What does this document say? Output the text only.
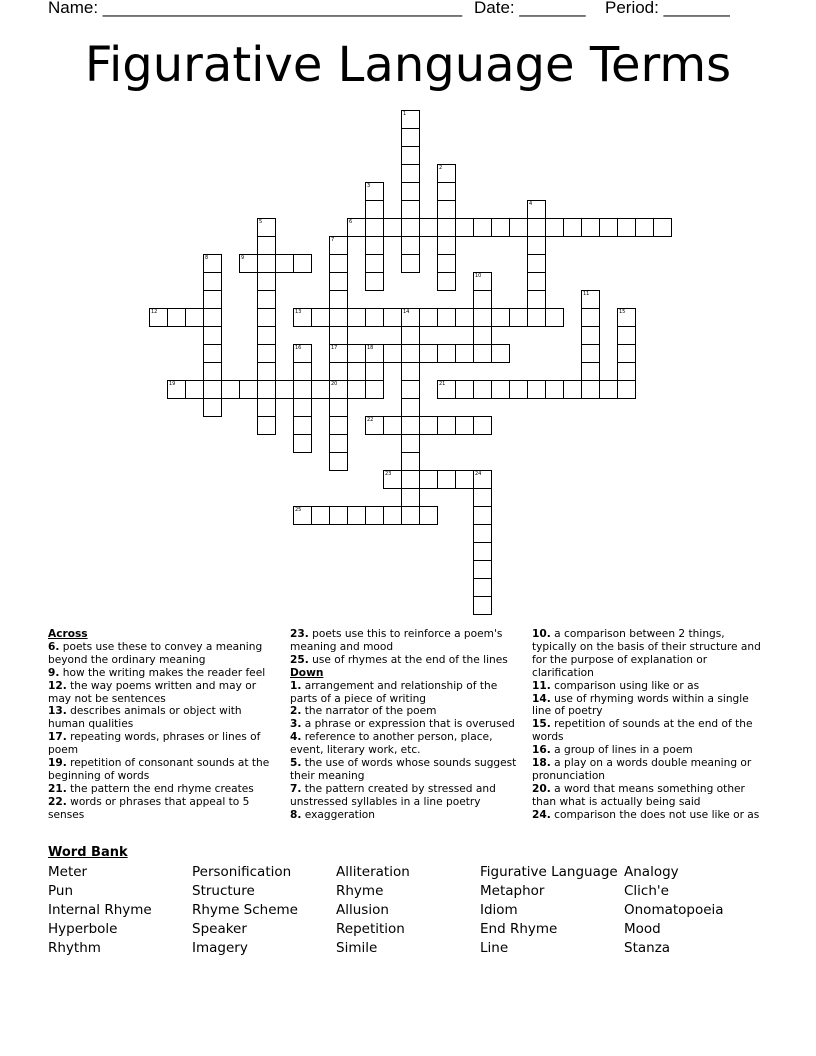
Name: ______________________________________ Date: _______ Period: _______
Figurative Language Terms
1
2
3
4
5	6
7
17
20
8	9
10
11
12	13	14	15
16	18
19	21
22
23	24
25

Across

6. poets use these to convey a meaning beyond the ordinary meaning

9. how the writing makes the reader feel

12. the way poems written and may or may not be sentences

13. describes animals or object with human qualities

17. repeating words, phrases or lines of poem

19. repetition of consonant sounds at the beginning of words

21. the pattern the end rhyme creates

22. words or phrases that appeal to 5 senses

23. poets use this to reinforce a poem's meaning and mood

25. use of rhymes at the end of the lines

Down

1. arrangement and relationship of the parts of a piece of writing

2. the narrator of the poem

3. a phrase or expression that is overused

4. reference to another person, place, event, literary work, etc.

5. the use of words whose sounds suggest their meaning

7. the pattern created by stressed and unstressed syllables in a line poetry

8. exaggeration

10. a comparison between 2 things, typically on the basis of their structure and for the purpose of explanation or clarification

11. comparison using like or as

14. use of rhyming words within a single line of poetry

15. repetition of sounds at the end of the words

16. a group of lines in a poem

18. a play on a words double meaning or pronunciation

20. a word that means something other than what is actually being said

24. comparison the does not use like or as

Word Bank
Meter
Pun
Internal Rhyme
Hyperbole
Rhythm
Personification
Structure
Rhyme Scheme
Speaker
Imagery
Alliteration
Rhyme
Allusion
Repetition
Simile
Figurative Language
Metaphor
Idiom
End Rhyme
Line
Analogy
Clich'e
Onomatopoeia
Mood
Stanza
